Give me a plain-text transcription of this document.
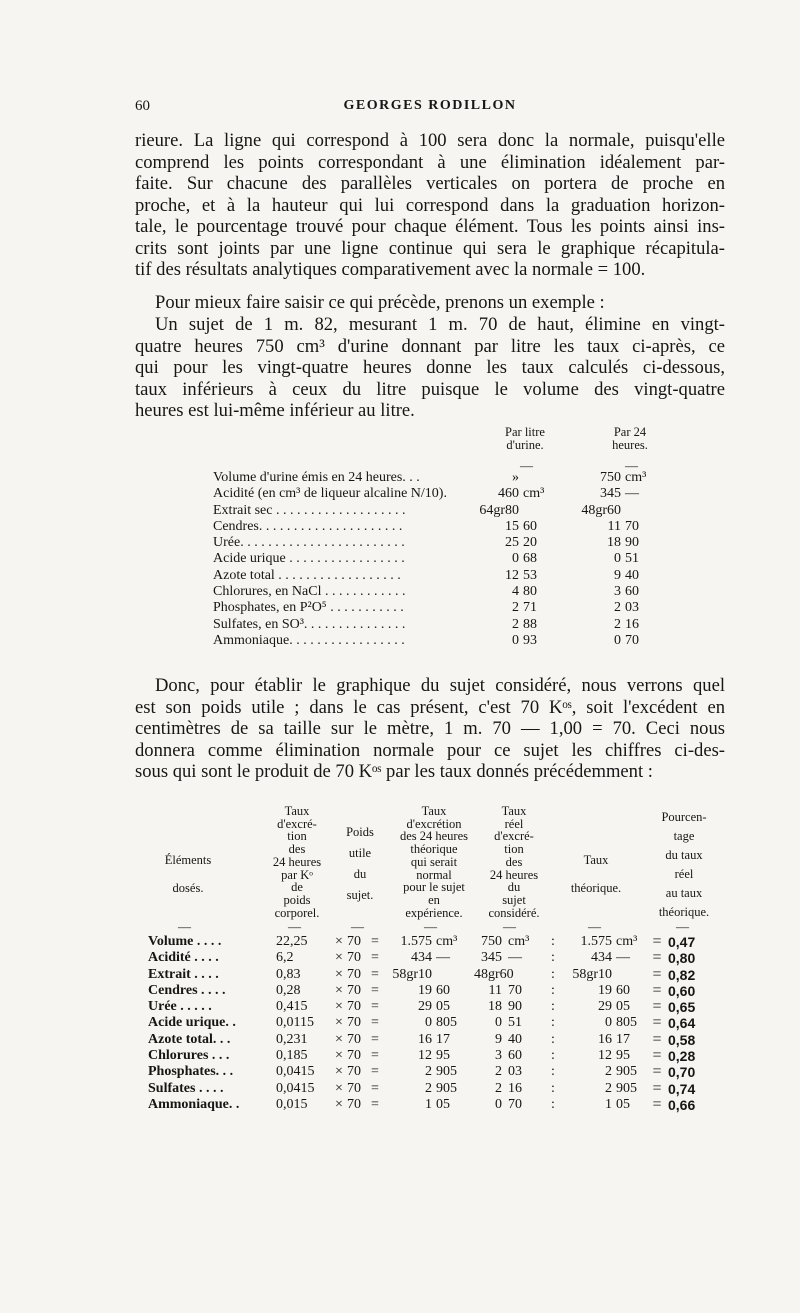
60	GEORGES RODILLON
rieure. La ligne qui correspond à 100 sera donc la normale, puisqu'elle
comprend les points correspondant à une élimination idéalement par-
faite. Sur chacune des parallèles verticales on portera de proche en
proche, et à la hauteur qui lui correspond dans la graduation horizon-
tale, le pourcentage trouvé pour chaque élément. Tous les points ainsi ins-
crits sont joints par une ligne continue qui sera le graphique récapitula-
tif des résultats analytiques comparativement avec la normale = 100.
Pour mieux faire saisir ce qui précède, prenons un exemple :
Un sujet de 1 m. 82, mesurant 1 m. 70 de haut, élimine en vingt-
quatre heures 750 cm³ d'urine donnant par litre les taux ci-après, ce
qui pour les vingt-quatre heures donne les taux calculés ci-dessous,
taux inférieurs à ceux du litre puisque le volume des vingt-quatre
heures est lui-même inférieur au litre.
Par litre d'urine.
Par 24 heures.
—	—
Volume d'urine émis en 24 heures. . .	»	750 cm³
Acidité (en cm³ de liqueur alcaline N/10).	460 cm³	345 —
Extrait sec . . . . . . . . . . . . . . . . . . .	64gr80	48gr60
Cendres. . . . . . . . . . . . . . . . . . . . .	15 60	11 70
Urée. . . . . . . . . . . . . . . . . . . . . . . .	25 20	18 90
Acide urique . . . . . . . . . . . . . . . . .	0 68	0 51
Azote total . . . . . . . . . . . . . . . . . .	12 53	9 40
Chlorures, en NaCl . . . . . . . . . . . .	4 80	3 60
Phosphates, en P²O⁵ . . . . . . . . . . .	2 71	2 03
Sulfates, en SO³. . . . . . . . . . . . . . .	2 88	2 16
Ammoniaque. . . . . . . . . . . . . . . . .	0 93	0 70
Donc, pour établir le graphique du sujet considéré, nous verrons quel
est son poids utile ; dans le cas présent, c'est 70 Kᵒˢ, soit l'excédent en
centimètres de sa taille sur le mètre, 1 m. 70 — 1,00 = 70. Ceci nous
donnera comme élimination normale pour ce sujet les chiffres ci-des-
sous qui sont le produit de 70 Kᵒˢ par les taux donnés précédemment :
Éléments
dosés.
Taux
d'excré-
tion
des
24 heures
par Kᵒ
de
poids
corporel.
Poids
utile
du
sujet.
Taux
d'excrétion
des 24 heures
théorique
qui serait
normal
pour le sujet
en
expérience.
Taux
réel
d'excré-
tion
des
24 heures
du
sujet
considéré.
Taux
théorique.
Pourcen-
tage
du taux
réel
au taux
théorique.
—	—	—	—	—	—	—
Volume . . . .	22,25	× 70 =	1.575 cm³	750 cm³	:	1.575 cm³ = 0,47
Acidité . . . .	6,2	× 70 =	434 —	345 —	:	434 —	= 0,80
Extrait . . . .	0,83	× 70 = 58gr10	48gr60	:	58gr10	= 0,82
Cendres . . . .	0,28	× 70 =	19 60	11 70	:	19 60	= 0,60
Urée . . . . .	0,415	× 70 =	29 05	18 90	:	29 05	= 0,65
Acide urique. .	0,0115	× 70 =	0 805	0 51	:	0 805 = 0,64
Azote total. . .	0,231	× 70 =	16 17	9 40	:	16 17	= 0,58
Chlorures . . .	0,185	× 70 =	12 95	3 60	:	12 95	= 0,28
Phosphates. . .	0,0415	× 70 =	2 905	2 03	:	2 905 = 0,70
Sulfates . . . .	0,0415	× 70 =	2 905	2 16	:	2 905 = 0,74
Ammoniaque. .	0,015	× 70 =	1 05	0 70	:	1 05	= 0,66
